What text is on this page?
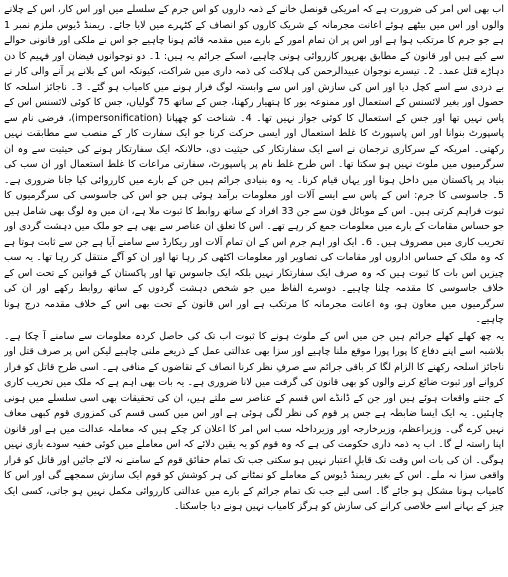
اب بھی اس امر کی ضرورت ہے کہ امریکی قونصل خانے کے ذمہ داروں کو اس جرم کے سلسلے میں اور اس کار، اس کے چلانے والوں اور اس میں بیٹھے ہوئے اعانت مجرمانہ کے شریک کاروں کو انصاف کے کٹہرے میں لایا جائے۔ ریمنڈ ڈیوس ملزم نمبر 1 ہے جو جرم کا مرتکب ہوا ہے اور اس پر ان تمام امور کے بارے میں مقدمہ قائم ہونا چاہیے جو اس نے ملکی اور قانونی حوالے سے کیے ہیں اور قانون کے مطابق بھرپور کارروائی ہونی چاہیے، اسکے جرائم یہ ہیں: 1۔ دو نوجوانوں فیضان اور فہیم کا دن دہاڑے قتل عمد۔ 2۔ تیسرے نوجوان عبیدالرحمن کی ہلاکت کی ذمہ داری میں شراکت، کیونکہ اس کے بلانے پر آنے والی کار نے بے دردی سے اسے کچل دیا اور اس کی سازش اور اس سے وابستہ لوگ فرار ہونے میں کامیاب ہو گئے۔ 3۔ ناجائز اسلحہ کا حصول اور بغیر لائسنس کے استعمال اور ممنوعہ بور کا ہتھیار رکھنا، جس کے ساتھ 75 گولیاں، جس کا کوئی لائسنس اس کے پاس نہیں تھا اور جس کے استعمال کا کوئی جواز نہیں تھا۔ 4۔ شناخت کو چھپانا (impersonification)، فرضی نام سے پاسپورٹ بنوانا اور اس پاسپورٹ کا غلط استعمال اور ایسی حرکت کرنا جو ایک سفارت کار کے منصب سے مطابقت نہیں رکھتی۔ امریکہ کے سرکاری ترجمان نے اسے ایک سفارتکار کی حیثیت دی، حالانکہ ایک سفارتکار ہونے کی حیثیت سے وہ ان سرگرمیوں میں ملوث نہیں ہو سکتا تھا۔ اس طرح غلط نام پر پاسپورٹ، سفارتی مراعات کا غلط استعمال اور ان سب کی بنیاد پر پاکستان میں داخل ہونا اور یہاں قیام کرنا۔ یہ وہ بنیادی جرائم ہیں جن کے بارے میں کارروائی کیا جانا ضروری ہے۔ 5۔ جاسوسی کا جرم: اس کے پاس سے ایسے آلات اور معلومات برآمد ہوئی ہیں جو اس کی جاسوسی کی سرگرمیوں کا ثبوت فراہم کرتی ہیں۔ اس کے موبائل فون سے جن 33 افراد کے ساتھ روابط کا ثبوت ملا ہے، ان میں وہ لوگ بھی شامل ہیں جو حساس مقامات کے بارے میں معلومات جمع کر رہے تھے۔ اس کا تعلق ان عناصر سے بھی ہے جو ملک میں دہشت گردی اور تخریب کاری میں مصروف ہیں۔ 6۔ ایک اور اہم جرم اس کے ان تمام آلات اور ریکارڈ سے سامنے آیا ہے جن سے ثابت ہوتا ہے کہ وہ ملک کے حساس اداروں اور مقامات کی تصاویر اور معلومات اکٹھی کر رہا تھا اور ان کو آگے منتقل کر رہا تھا۔ یہ سب چیزیں اس بات کا ثبوت ہیں کہ وہ صرف ایک سفارتکار نہیں بلکہ ایک جاسوس تھا اور پاکستان کے قوانین کے تحت اس کے خلاف جاسوسی کا مقدمہ چلنا چاہیے۔ دوسرے الفاظ میں جو شخص دہشت گردوں کے ساتھ روابط رکھے اور ان کی سرگرمیوں میں معاون ہو، وہ اعانت مجرمانہ کا مرتکب ہے اور اس قانون کے تحت بھی اس کے خلاف مقدمہ درج ہونا چاہیے۔

یہ چھ کھلے کھلے جرائم ہیں جن میں اس کے ملوث ہونے کا ثبوت اب تک کی حاصل کردہ معلومات سے سامنے آ چکا ہے۔ بلاشبہ اسے اپنے دفاع کا پورا پورا موقع ملنا چاہیے اور سزا بھی عدالتی عمل کے ذریعے ملنی چاہیے لیکن اس پر صرف قتل اور ناجائز اسلحہ رکھنے کا الزام لگا کر باقی جرائم سے صرفِ نظر کرنا انصاف کے تقاضوں کے منافی ہے۔ اسی طرح قاتل کو فرار کروانے اور ثبوت ضائع کرنے والوں کو بھی قانون کی گرفت میں لانا ضروری ہے۔ یہ بات بھی اہم ہے کہ ملک میں تخریب کاری کے جتنے واقعات ہوئے ہیں اور جن کے ڈانڈے اس قسم کے عناصر سے ملتے ہیں، ان کی تحقیقات بھی اسی سلسلے میں ہونی چاہئیں۔ یہ ایک ایسا ضابطہ ہے جس پر قوم کی نظر لگی ہوئی ہے اور اس میں کسی قسم کی کمزوری قوم کبھی معاف نہیں کرے گی۔ وزیراعظم، وزیرخارجہ اور وزیرداخلہ سب اس امر کا اعلان کر چکے ہیں کہ معاملہ عدالت میں ہے اور قانون اپنا راستہ لے گا۔ اب یہ ذمہ داری حکومت کی ہے کہ وہ قوم کو یہ یقین دلائے کہ اس معاملے میں کوئی خفیہ سودے بازی نہیں ہوگی۔ ان کی بات اس وقت تک قابلِ اعتبار نہیں ہو سکتی جب تک تمام حقائق قوم کے سامنے نہ لائے جائیں اور قاتل کو قرار واقعی سزا نہ ملے۔ اس کے بغیر ریمنڈ ڈیوس کے معاملے کو نمٹانے کی ہر کوشش کو قوم ایک سازش سمجھے گی اور اس کا کامیاب ہونا مشکل ہو جائے گا۔ اسی لیے جب تک تمام جرائم کے بارے میں عدالتی کارروائی مکمل نہیں ہو جاتی، کسی ایک چیز کے بہانے اسے خلاصی کرانے کی سازش کو ہرگز کامیاب نہیں ہونے دیا جاسکتا۔
